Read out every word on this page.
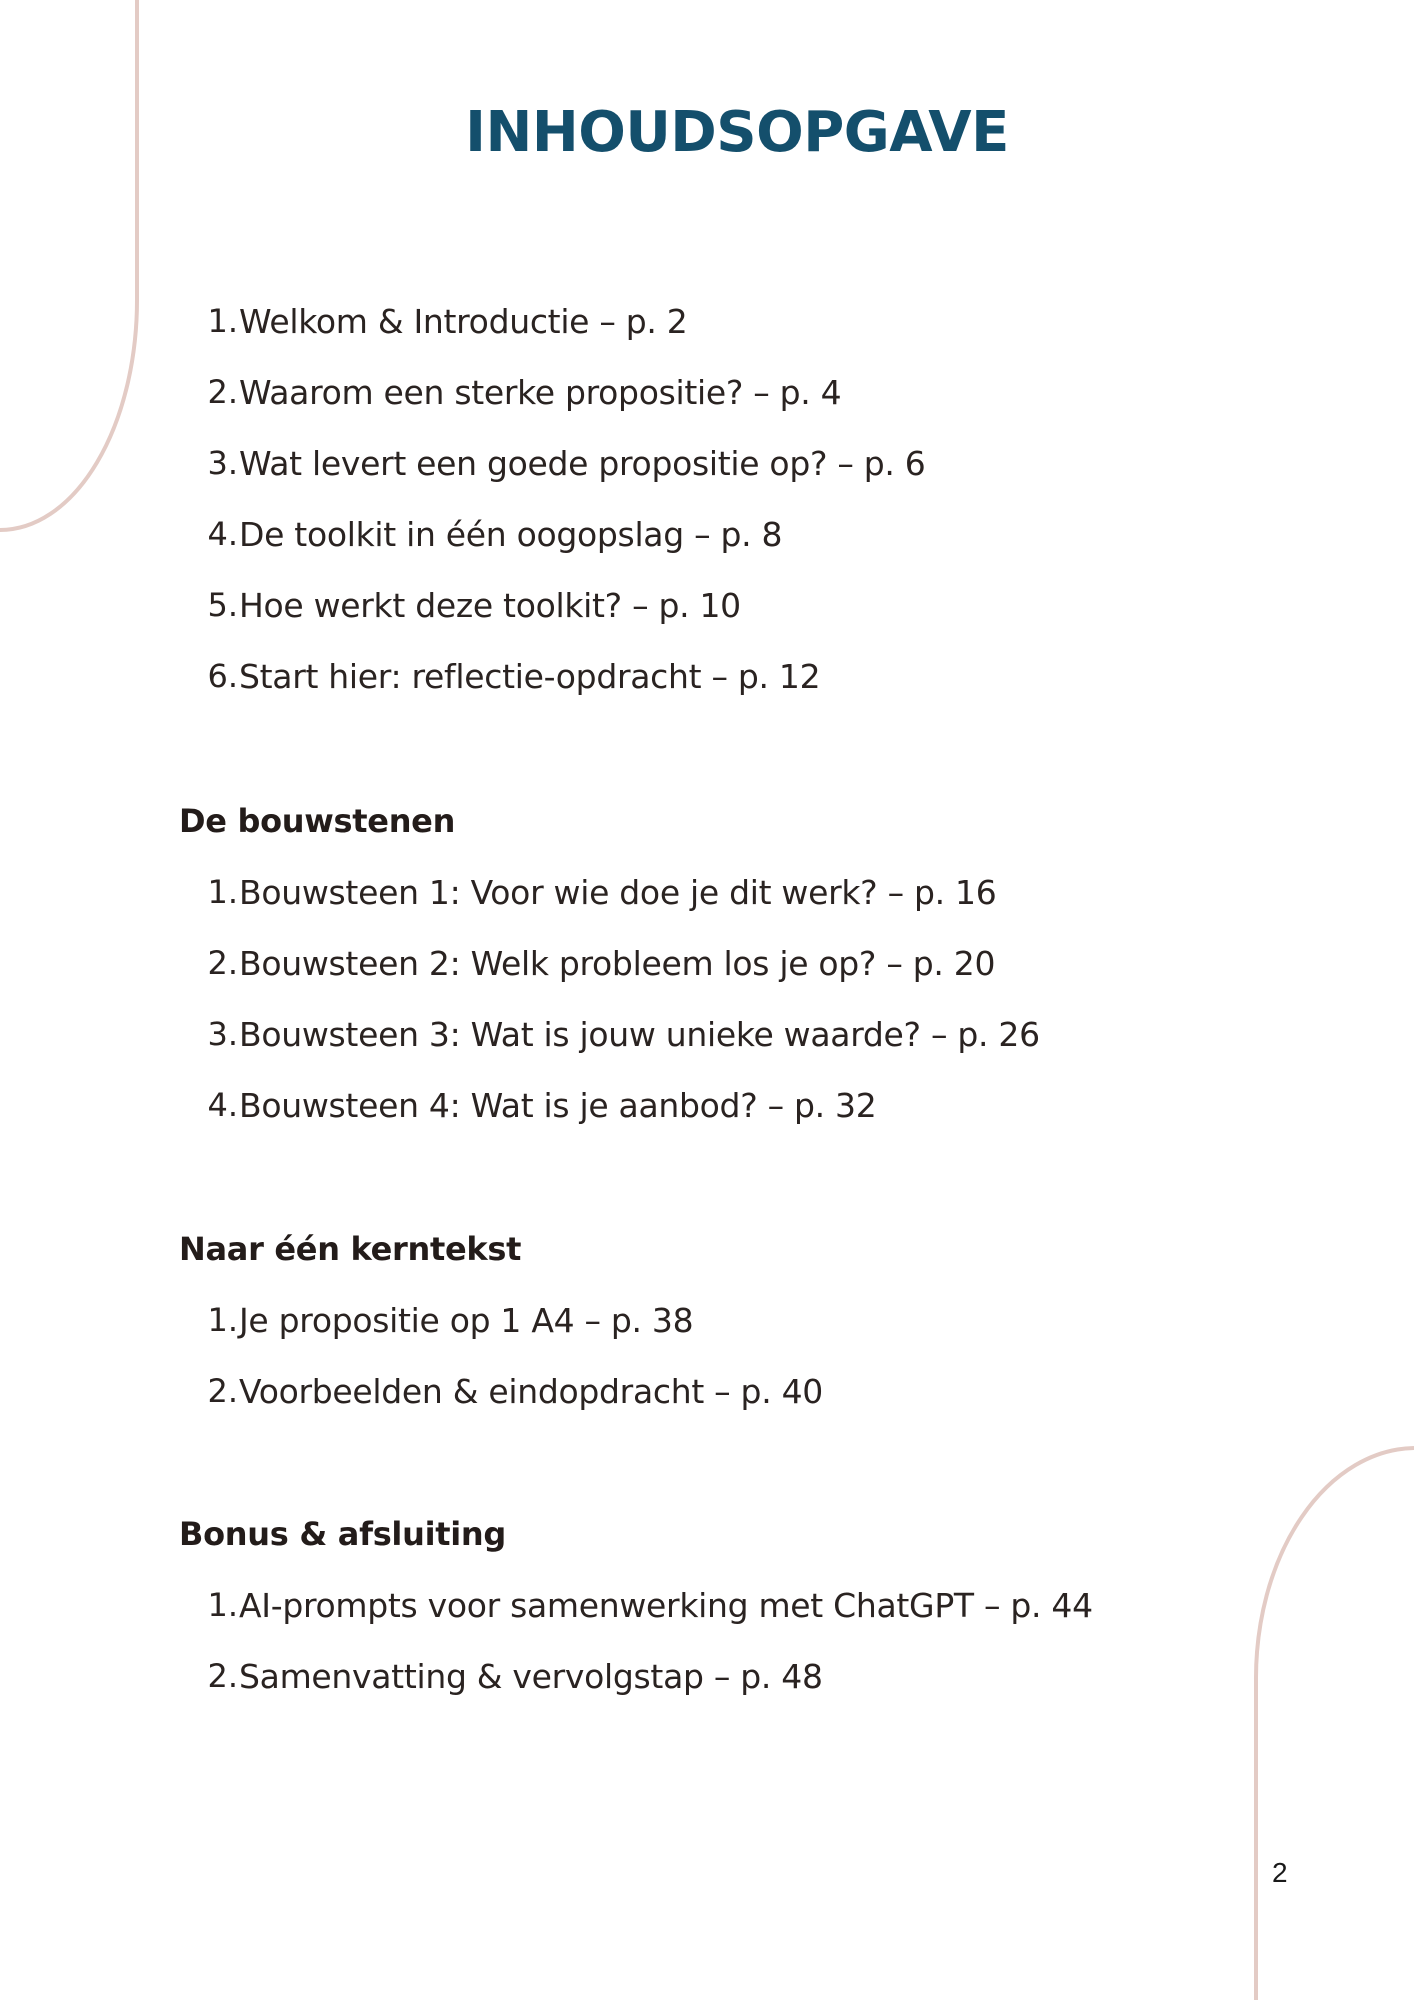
INHOUDSOPGAVE
1. Welkom & Introductie – p. 2
2. Waarom een sterke propositie? – p. 4
3. Wat levert een goede propositie op? – p. 6
4. De toolkit in één oogopslag – p. 8
5. Hoe werkt deze toolkit? – p. 10
6. Start hier: reflectie-opdracht – p. 12
De bouwstenen
1. Bouwsteen 1: Voor wie doe je dit werk? – p. 16
2. Bouwsteen 2: Welk probleem los je op? – p. 20
3. Bouwsteen 3: Wat is jouw unieke waarde? – p. 26
4. Bouwsteen 4: Wat is je aanbod? – p. 32
Naar één kerntekst
1. Je propositie op 1 A4 – p. 38
2. Voorbeelden & eindopdracht – p. 40
Bonus & afsluiting
1. AI-prompts voor samenwerking met ChatGPT – p. 44
2. Samenvatting & vervolgstap – p. 48
2
